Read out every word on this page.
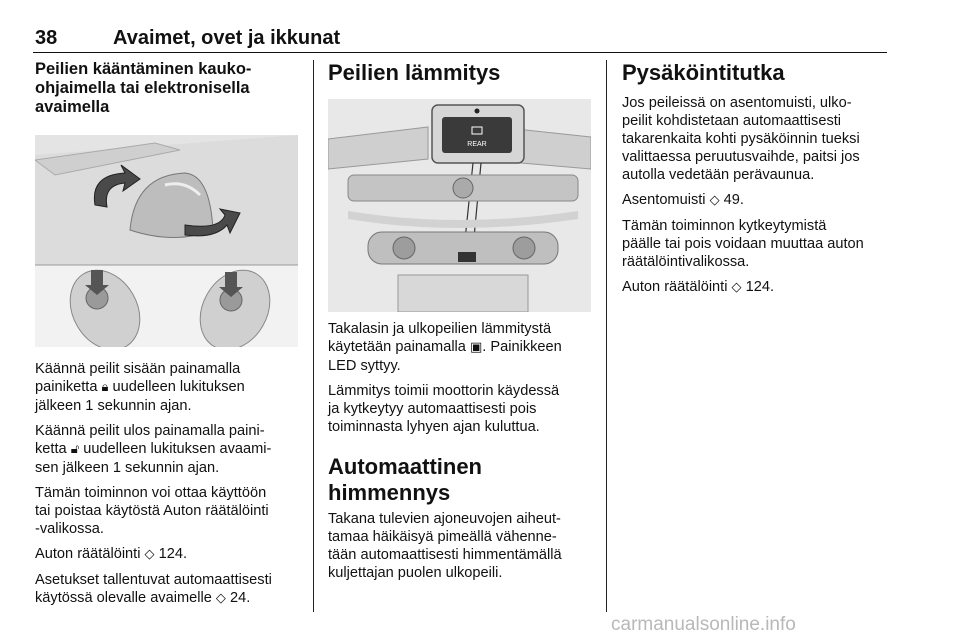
38	Avaimet, ovet ja ikkunat
Peilien kääntäminen kauko-
ohjaimella tai elektronisella
avaimella

Käännä peilit sisään painamalla
painiketta 🔒︎ uudelleen lukituksen
jälkeen 1 sekunnin ajan.

Käännä peilit ulos painamalla paini-
ketta 🔓︎ uudelleen lukituksen avaami-
sen jälkeen 1 sekunnin ajan.

Tämän toiminnon voi ottaa käyttöön
tai poistaa käytöstä Auton räätälöinti
-valikossa.

Auton räätälöinti ◇ 124.

Asetukset tallentuvat automaattisesti
käytössä olevalle avaimelle ◇ 24.

Peilien lämmitys
REAR

Takalasin ja ulkopeilien lämmitystä
käytetään painamalla ▣. Painikkeen
LED syttyy.

Lämmitys toimii moottorin käydessä
ja kytkeytyy automaattisesti pois
toiminnasta lyhyen ajan kuluttua.

Automaattinen himmennys

Takana tulevien ajoneuvojen aiheut-
tamaa häikäisyä pimeällä vähenne-
tään automaattisesti himmentämällä
kuljettajan puolen ulkopeili.

Pysäköintitutka

Jos peileissä on asentomuisti, ulko-
peilit kohdistetaan automaattisesti
takarenkaita kohti pysäköinnin tueksi
valittaessa peruutusvaihde, paitsi jos
autolla vedetään perävaunua.

Asentomuisti ◇ 49.

Tämän toiminnon kytkeytymistä
päälle tai pois voidaan muuttaa auton
räätälöintivalikossa.

Auton räätälöinti ◇ 124.

carmanualsonline.info
